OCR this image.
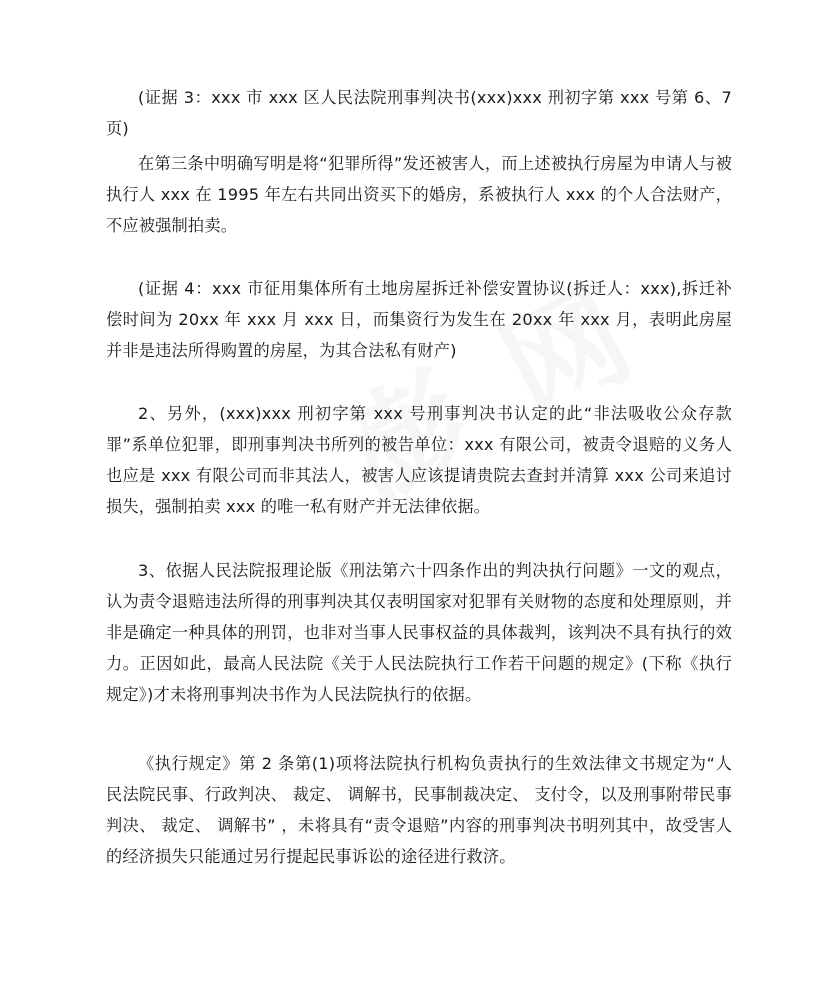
(证据 3：xxx 市 xxx 区人民法院刑事判决书(xxx)xxx 刑初字第 xxx 号第 6、7 页)

在第三条中明确写明是将“犯罪所得”发还被害人，而上述被执行房屋为申请人与被执行人 xxx 在 1995 年左右共同出资买下的婚房，系被执行人 xxx 的个人合法财产，不应被强制拍卖。

(证据 4：xxx 市征用集体所有土地房屋拆迁补偿安置协议(拆迁人：xxx),拆迁补偿时间为 20xx 年 xxx 月 xxx 日，而集资行为发生在 20xx 年 xxx 月，表明此房屋并非是违法所得购置的房屋，为其合法私有财产)

2、另外，(xxx)xxx 刑初字第 xxx 号刑事判决书认定的此“非法吸收公众存款罪”系单位犯罪，即刑事判决书所列的被告单位：xxx 有限公司，被责令退赔的义务人也应是 xxx 有限公司而非其法人，被害人应该提请贵院去查封并清算 xxx 公司来追讨损失，强制拍卖 xxx 的唯一私有财产并无法律依据。

3、依据人民法院报理论版《刑法第六十四条作出的判决执行问题》一文的观点，认为责令退赔违法所得的刑事判决其仅表明国家对犯罪有关财物的态度和处理原则，并非是确定一种具体的刑罚，也非对当事人民事权益的具体裁判，该判决不具有执行的效力。正因如此，最高人民法院《关于人民法院执行工作若干问题的规定》(下称《执行规定》)才未将刑事判决书作为人民法院执行的依据。

《执行规定》第 2 条第(1)项将法院执行机构负责执行的生效法律文书规定为“人民法院民事、行政判决、 裁定、 调解书，民事制裁决定、 支付令，以及刑事附带民事判决、 裁定、 调解书” ，未将具有“责令退赔”内容的刑事判决书明列其中，故受害人的经济损失只能通过另行提起民事诉讼的途径进行救济。
